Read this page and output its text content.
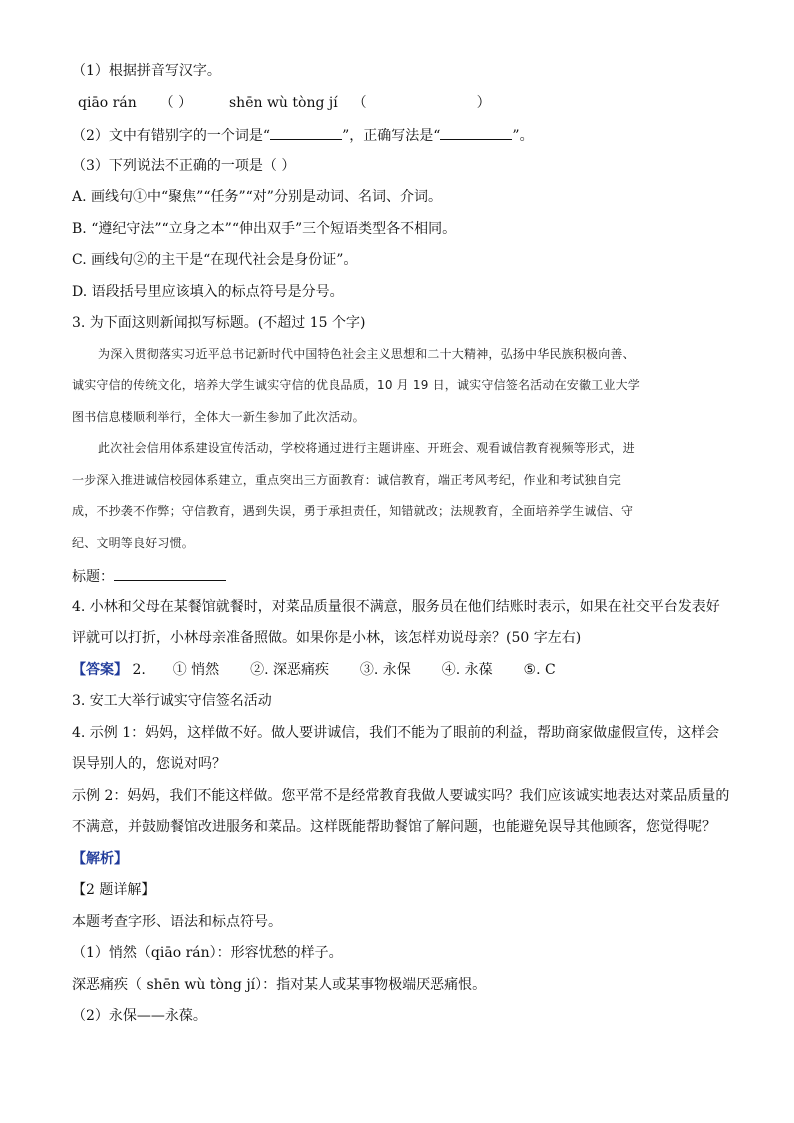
（1）根据拼音写汉字。
qiāo rán （ ）	shēn wù tòng jí （	）
（2）文中有错别字的一个词是“	”，正确写法是“	”。
（3）下列说法不正确的一项是（ ）
A. 画线句①中“聚焦”“任务”“对”分别是动词、名词、介词。
B. “遵纪守法”“立身之本”“伸出双手”三个短语类型各不相同。
C. 画线句②的主干是“在现代社会是身份证”。
D. 语段括号里应该填入的标点符号是分号。
3. 为下面这则新闻拟写标题。(不超过 15 个字)
为深入贯彻落实习近平总书记新时代中国特色社会主义思想和二十大精神，弘扬中华民族积极向善、
诚实守信的传统文化，培养大学生诚实守信的优良品质，10 月 19 日，诚实守信签名活动在安徽工业大学
图书信息楼顺利举行，全体大一新生参加了此次活动。
此次社会信用体系建设宣传活动，学校将通过进行主题讲座、开班会、观看诚信教育视频等形式，进
一步深入推进诚信校园体系建立，重点突出三方面教育：诚信教育，端正考风考纪，作业和考试独自完
成，不抄袭不作弊；守信教育，遇到失误，勇于承担责任，知错就改；法规教育，全面培养学生诚信、守
纪、文明等良好习惯。
标题：
4. 小林和父母在某餐馆就餐时，对菜品质量很不满意，服务员在他们结账时表示，如果在社交平台发表好
评就可以打折，小林母亲准备照做。如果你是小林，该怎样劝说母亲？(50 字左右)
【答案】 2. ① 悄然 ②. 深恶痛疾 ③. 永保 ④. 永葆 ⑤. C
3. 安工大举行诚实守信签名活动
4. 示例 1：妈妈，这样做不好。做人要讲诚信，我们不能为了眼前的利益，帮助商家做虚假宣传，这样会
误导别人的，您说对吗？
示例 2：妈妈，我们不能这样做。您平常不是经常教育我做人要诚实吗？我们应该诚实地表达对菜品质量的
不满意，并鼓励餐馆改进服务和菜品。这样既能帮助餐馆了解问题，也能避免误导其他顾客，您觉得呢？
【解析】
【2 题详解】
本题考查字形、语法和标点符号。
（1）悄然（qiāo rán）：形容忧愁的样子。
深恶痛疾（ shēn wù tòng jí）：指对某人或某事物极端厌恶痛恨。
（2）永保——永葆。
